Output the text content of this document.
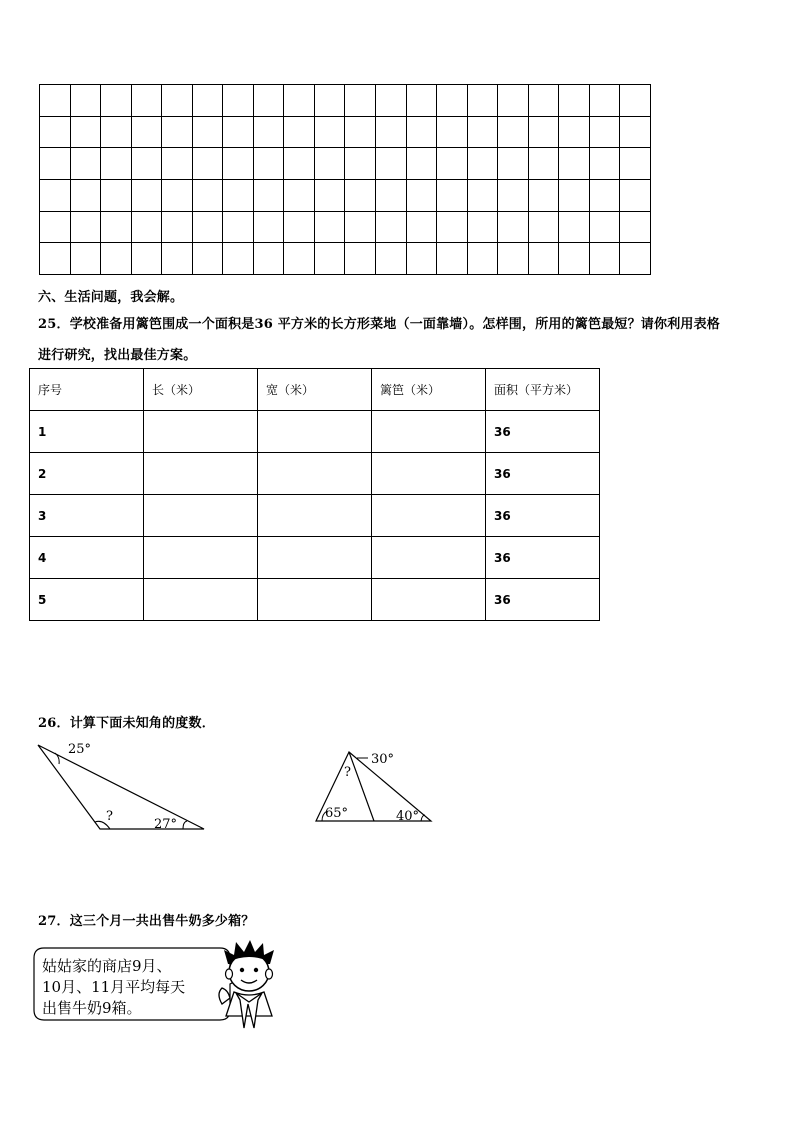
六、生活问题，我会解。
25．学校准备用篱笆围成一个面积是36 平方米的长方形菜地（一面靠墙）。怎样围，所用的篱笆最短？请你利用表格
进行研究，找出最佳方案。
序号	长（米）	宽（米）	篱笆（米）	面积（平方米）
1				36
2				36
3				36
4				36
5				36
26．计算下面未知角的度数．
25°
?
27°
30°
?
65°	40°
27．这三个月一共出售牛奶多少箱？
姑姑家的商店9月、
10月、11月平均每天
出售牛奶9箱。
